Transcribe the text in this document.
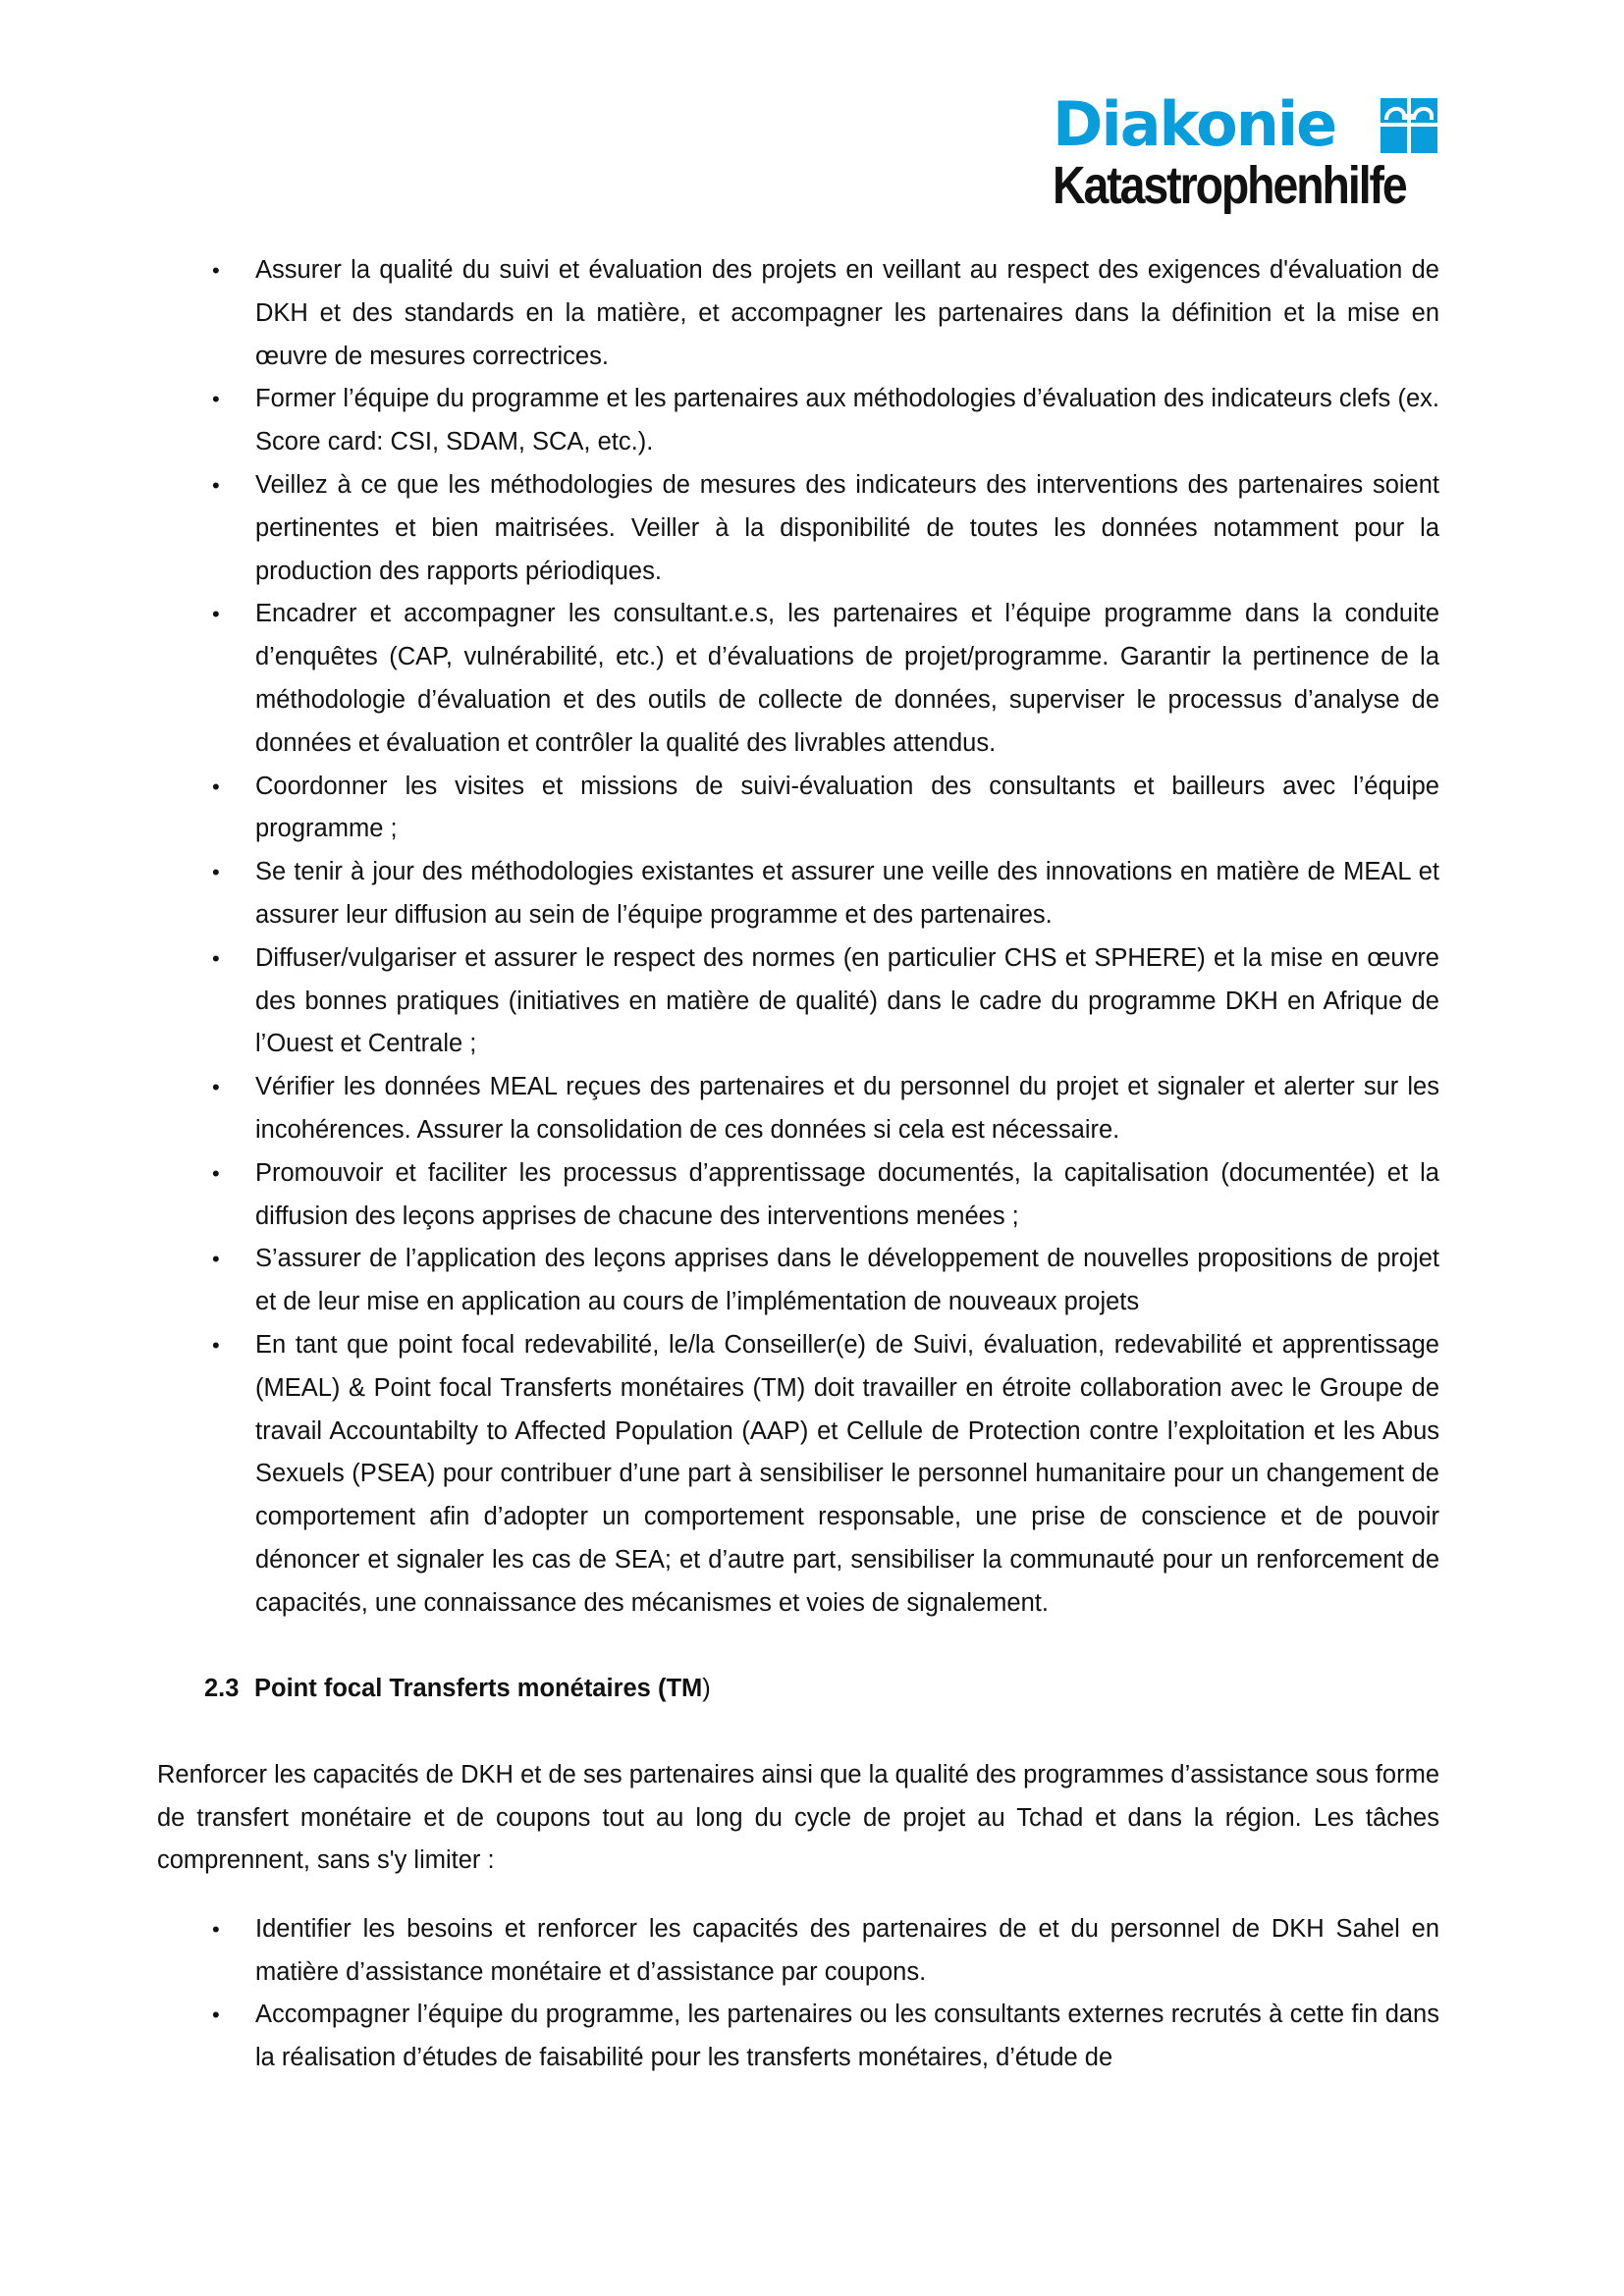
Diakonie
Katastrophenhilfe
• Assurer la qualité du suivi et évaluation des projets en veillant au respect des exigences d'évaluation de DKH et des standards en la matière, et accompagner les partenaires dans la définition et la mise en œuvre de mesures correctrices.
• Former l’équipe du programme et les partenaires aux méthodologies d’évaluation des indicateurs clefs (ex. Score card: CSI, SDAM, SCA, etc.).
• Veillez à ce que les méthodologies de mesures des indicateurs des interventions des partenaires soient pertinentes et bien maitrisées. Veiller à la disponibilité de toutes les données notamment pour la production des rapports périodiques.
• Encadrer et accompagner les consultant.e.s, les partenaires et l’équipe programme dans la conduite d’enquêtes (CAP, vulnérabilité, etc.) et d’évaluations de projet/programme. Garantir la pertinence de la méthodologie d’évaluation et des outils de collecte de données, superviser le processus d’analyse de données et évaluation et contrôler la qualité des livrables attendus.
• Coordonner les visites et missions de suivi-évaluation des consultants et bailleurs avec l’équipe programme ;
• Se tenir à jour des méthodologies existantes et assurer une veille des innovations en matière de MEAL et assurer leur diffusion au sein de l’équipe programme et des partenaires.
• Diffuser/vulgariser et assurer le respect des normes (en particulier CHS et SPHERE) et la mise en œuvre des bonnes pratiques (initiatives en matière de qualité) dans le cadre du programme DKH en Afrique de l’Ouest et Centrale ;
• Vérifier les données MEAL reçues des partenaires et du personnel du projet et signaler et alerter sur les incohérences. Assurer la consolidation de ces données si cela est nécessaire.
• Promouvoir et faciliter les processus d’apprentissage documentés, la capitalisation (documentée) et la diffusion des leçons apprises de chacune des interventions menées ;
• S’assurer de l’application des leçons apprises dans le développement de nouvelles propositions de projet et de leur mise en application au cours de l’implémentation de nouveaux projets
• En tant que point focal redevabilité, le/la Conseiller(e) de Suivi, évaluation, redevabilité et apprentissage (MEAL) & Point focal Transferts monétaires (TM) doit travailler en étroite collaboration avec le Groupe de travail Accountabilty to Affected Population (AAP) et Cellule de Protection contre l’exploitation et les Abus Sexuels (PSEA) pour contribuer d’une part à sensibiliser le personnel humanitaire pour un changement de comportement afin d’adopter un comportement responsable, une prise de conscience et de pouvoir dénoncer et signaler les cas de SEA; et d’autre part, sensibiliser la communauté pour un renforcement de capacités, une connaissance des mécanismes et voies de signalement.
2.3 Point focal Transferts monétaires (TM)

Renforcer les capacités de DKH et de ses partenaires ainsi que la qualité des programmes d’assistance sous forme de transfert monétaire et de coupons tout au long du cycle de projet au Tchad et dans la région. Les tâches comprennent, sans s'y limiter :

• Identifier les besoins et renforcer les capacités des partenaires de et du personnel de DKH Sahel en matière d’assistance monétaire et d’assistance par coupons.
• Accompagner l’équipe du programme, les partenaires ou les consultants externes recrutés à cette fin dans la réalisation d’études de faisabilité pour les transferts monétaires, d’étude de
